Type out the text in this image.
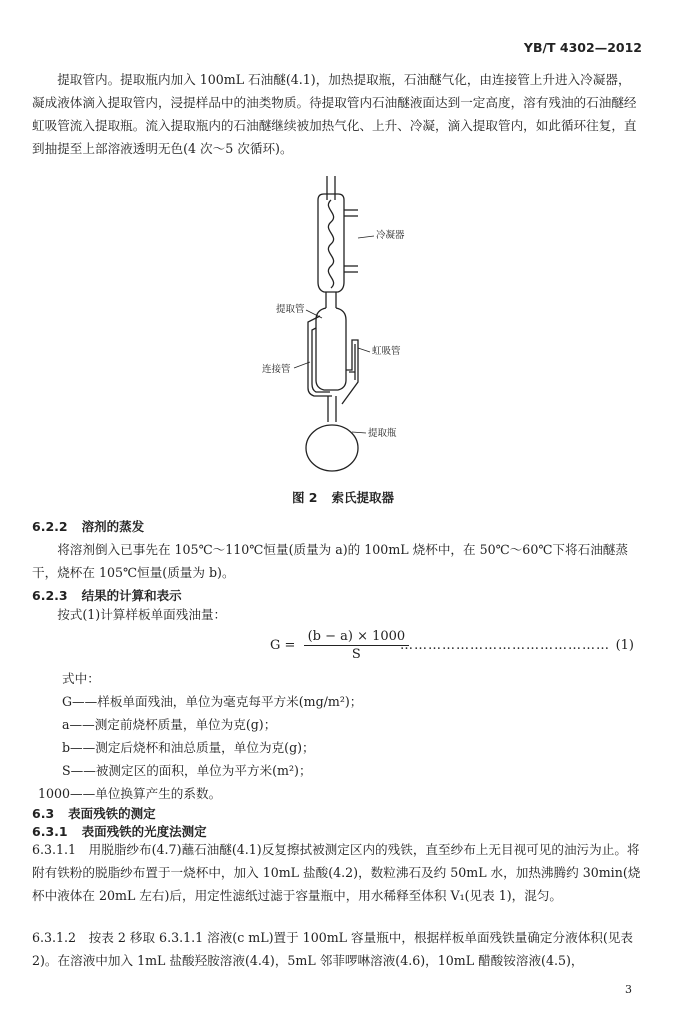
YB/T 4302—2012
提取管内。提取瓶内加入 100mL 石油醚(4.1)，加热提取瓶，石油醚气化，由连接管上升进入冷凝器，凝成液体滴入提取管内，浸提样品中的油类物质。待提取管内石油醚液面达到一定高度，溶有残油的石油醚经虹吸管流入提取瓶。流入提取瓶内的石油醚继续被加热气化、上升、冷凝，滴入提取管内，如此循环往复，直到抽提至上部溶液透明无色(4 次～5 次循环)。
冷凝器
提取管
虹吸管
连接管
提取瓶
图 2 索氏提取器
6.2.2 溶剂的蒸发
将溶剂倒入已事先在 105℃～110℃恒量(质量为 a)的 100mL 烧杯中，在 50℃～60℃下将石油醚蒸干，烧杯在 105℃恒量(质量为 b)。
6.2.3 结果的计算和表示
按式(1)计算样板单面残油量：
$G = \frac{(b - a) \times 1000}{S}$
……………………………………… (1)
式中：
G——样板单面残油，单位为毫克每平方米(mg/m²)；
a——测定前烧杯质量，单位为克(g)；
b——测定后烧杯和油总质量，单位为克(g)；
S——被测定区的面积，单位为平方米(m²)；
1000——单位换算产生的系数。
6.3 表面残铁的测定
6.3.1 表面残铁的光度法测定
6.3.1.1　用脱脂纱布(4.7)蘸石油醚(4.1)反复擦拭被测定区内的残铁，直至纱布上无目视可见的油污为止。将附有铁粉的脱脂纱布置于一烧杯中，加入 10mL 盐酸(4.2)，数粒沸石及约 50mL 水，加热沸腾约 30min(烧杯中液体在 20mL 左右)后，用定性滤纸过滤于容量瓶中，用水稀释至体积 V₁(见表 1)，混匀。
6.3.1.2　按表 2 移取 6.3.1.1 溶液(c mL)置于 100mL 容量瓶中，根据样板单面残铁量确定分液体积(见表 2)。在溶液中加入 1mL 盐酸羟胺溶液(4.4)，5mL 邻菲啰啉溶液(4.6)，10mL 醋酸铵溶液(4.5)，
3
